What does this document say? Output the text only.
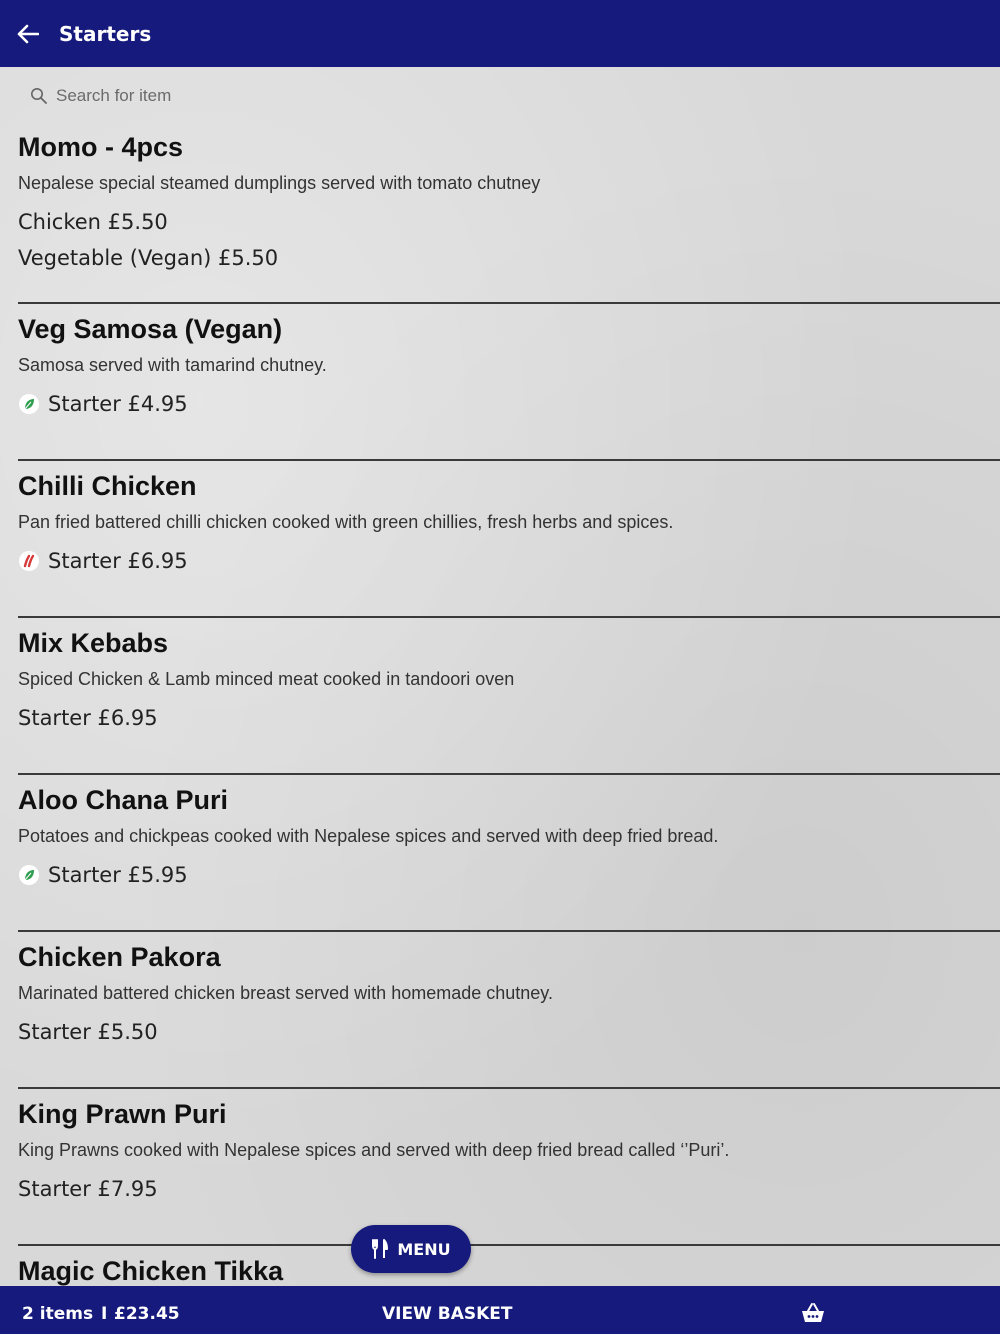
Starters
Search for item
Momo - 4pcs
Nepalese special steamed dumplings served with tomato chutney
Chicken £5.50
Vegetable (Vegan) £5.50
Veg Samosa (Vegan)
Samosa served with tamarind chutney.
Starter £4.95
Chilli Chicken
Pan fried battered chilli chicken cooked with green chillies, fresh herbs and spices.
Starter £6.95
Mix Kebabs
Spiced Chicken & Lamb minced meat cooked in tandoori oven
Starter £6.95
Aloo Chana Puri
Potatoes and chickpeas cooked with Nepalese spices and served with deep fried bread.
Starter £5.95
Chicken Pakora
Marinated battered chicken breast served with homemade chutney.
Starter £5.50
King Prawn Puri
King Prawns cooked with Nepalese spices and served with deep fried bread called ‘’Puri’.
Starter £7.95
Magic Chicken Tikka
MENU
2 items I £23.45	VIEW BASKET
